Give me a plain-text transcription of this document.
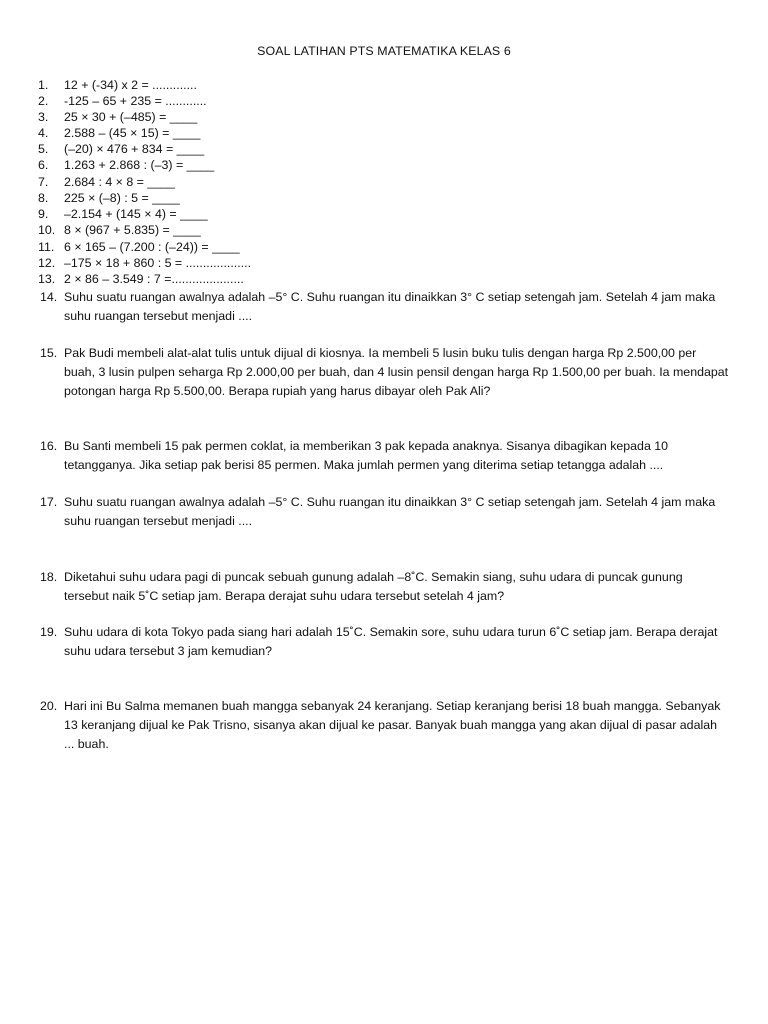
SOAL LATIHAN PTS MATEMATIKA KELAS 6
1. 12 + (-34) x 2 = .............
2. -125 – 65 + 235 = ............
3. 25 × 30 + (–485) = ____
4. 2.588 – (45 × 15) = ____
5. (–20) × 476 + 834 = ____
6. 1.263 + 2.868 : (–3) = ____
7. 2.684 : 4 × 8 = ____
8. 225 × (–8) : 5 = ____
9. –2.154 + (145 × 4) = ____
10. 8 × (967 + 5.835) = ____
11. 6 × 165 – (7.200 : (–24)) = ____
12. –175 × 18 + 860 : 5 = ...................
13. 2 × 86 – 3.549 : 7 =.....................
14. Suhu suatu ruangan awalnya adalah –5° C. Suhu ruangan itu dinaikkan 3° C setiap setengah jam. Setelah 4 jam maka suhu ruangan tersebut menjadi ....
15. Pak Budi membeli alat-alat tulis untuk dijual di kiosnya. Ia membeli 5 lusin buku tulis dengan harga Rp 2.500,00 per buah, 3 lusin pulpen seharga Rp 2.000,00 per buah, dan 4 lusin pensil dengan harga Rp 1.500,00 per buah. Ia mendapat potongan harga Rp 5.500,00. Berapa rupiah yang harus dibayar oleh Pak Ali?
16. Bu Santi membeli 15 pak permen coklat, ia memberikan 3 pak kepada anaknya. Sisanya dibagikan kepada 10 tetangganya. Jika setiap pak berisi 85 permen. Maka jumlah permen yang diterima setiap tetangga adalah ....
17. Suhu suatu ruangan awalnya adalah –5° C. Suhu ruangan itu dinaikkan 3° C setiap setengah jam. Setelah 4 jam maka suhu ruangan tersebut menjadi ....
18. Diketahui suhu udara pagi di puncak sebuah gunung adalah –8˚C. Semakin siang, suhu udara di puncak gunung tersebut naik 5˚C setiap jam. Berapa derajat suhu udara tersebut setelah 4 jam?
19. Suhu udara di kota Tokyo pada siang hari adalah 15˚C. Semakin sore, suhu udara turun 6˚C setiap jam. Berapa derajat suhu udara tersebut 3 jam kemudian?
20. Hari ini Bu Salma memanen buah mangga sebanyak 24 keranjang. Setiap keranjang berisi 18 buah mangga. Sebanyak 13 keranjang dijual ke Pak Trisno, sisanya akan dijual ke pasar. Banyak buah mangga yang akan dijual di pasar adalah ... buah.
